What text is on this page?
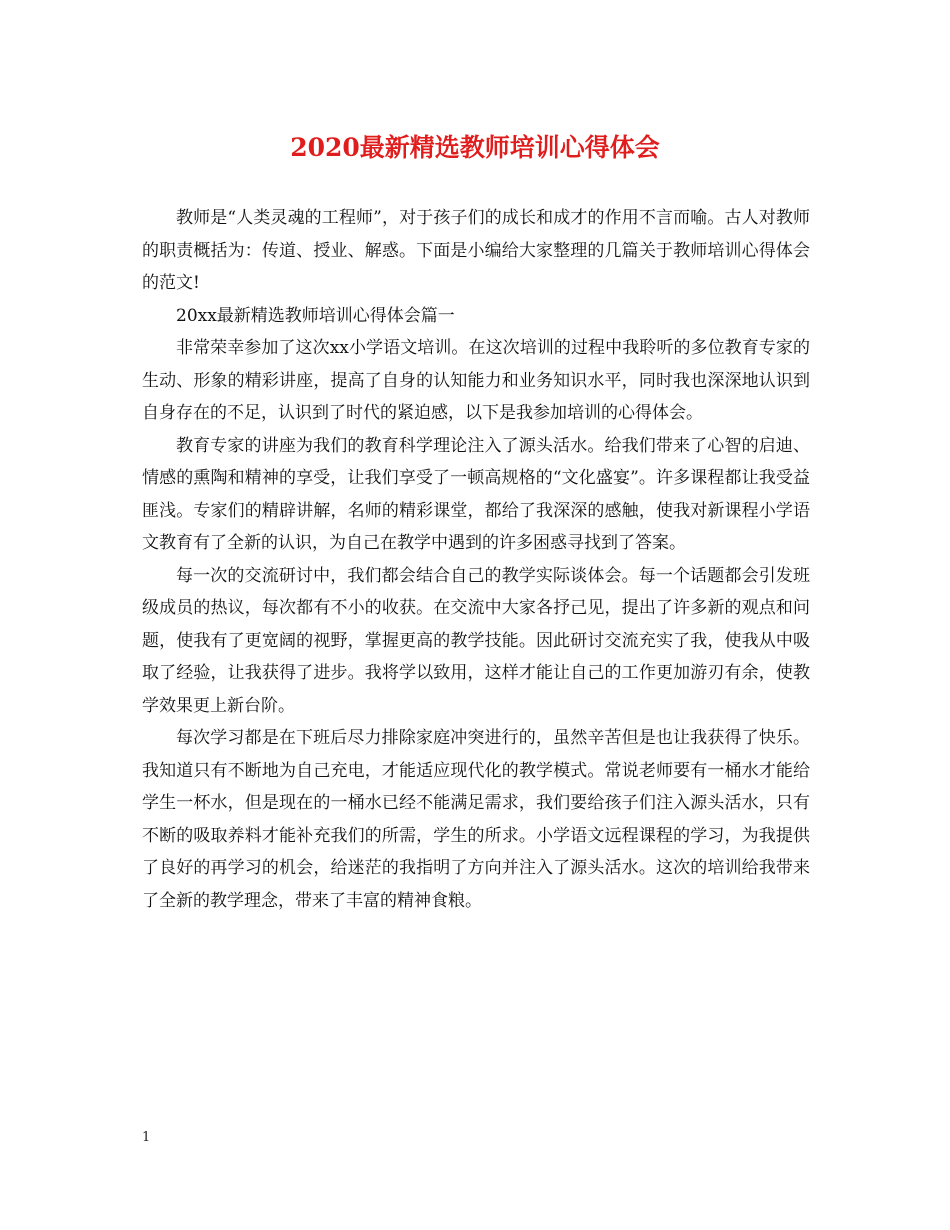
2020最新精选教师培训心得体会

教师是“人类灵魂的工程师”，对于孩子们的成长和成才的作用不言而喻。古人对教师的职责概括为：传道、授业、解惑。下面是小编给大家整理的几篇关于教师培训心得体会的范文!

20xx最新精选教师培训心得体会篇一

非常荣幸参加了这次xx小学语文培训。在这次培训的过程中我聆听的多位教育专家的生动、形象的精彩讲座，提高了自身的认知能力和业务知识水平，同时我也深深地认识到自身存在的不足，认识到了时代的紧迫感，以下是我参加培训的心得体会。

教育专家的讲座为我们的教育科学理论注入了源头活水。给我们带来了心智的启迪、情感的熏陶和精神的享受，让我们享受了一顿高规格的“文化盛宴”。许多课程都让我受益匪浅。专家们的精辟讲解，名师的精彩课堂，都给了我深深的感触，使我对新课程小学语文教育有了全新的认识，为自己在教学中遇到的许多困惑寻找到了答案。

每一次的交流研讨中，我们都会结合自己的教学实际谈体会。每一个话题都会引发班级成员的热议，每次都有不小的收获。在交流中大家各抒己见，提出了许多新的观点和问题，使我有了更宽阔的视野，掌握更高的教学技能。因此研讨交流充实了我，使我从中吸取了经验，让我获得了进步。我将学以致用，这样才能让自己的工作更加游刃有余，使教学效果更上新台阶。

每次学习都是在下班后尽力排除家庭冲突进行的，虽然辛苦但是也让我获得了快乐。我知道只有不断地为自己充电，才能适应现代化的教学模式。常说老师要有一桶水才能给学生一杯水，但是现在的一桶水已经不能满足需求，我们要给孩子们注入源头活水，只有不断的吸取养料才能补充我们的所需，学生的所求。小学语文远程课程的学习，为我提供了良好的再学习的机会，给迷茫的我指明了方向并注入了源头活水。这次的培训给我带来了全新的教学理念，带来了丰富的精神食粮。

1
